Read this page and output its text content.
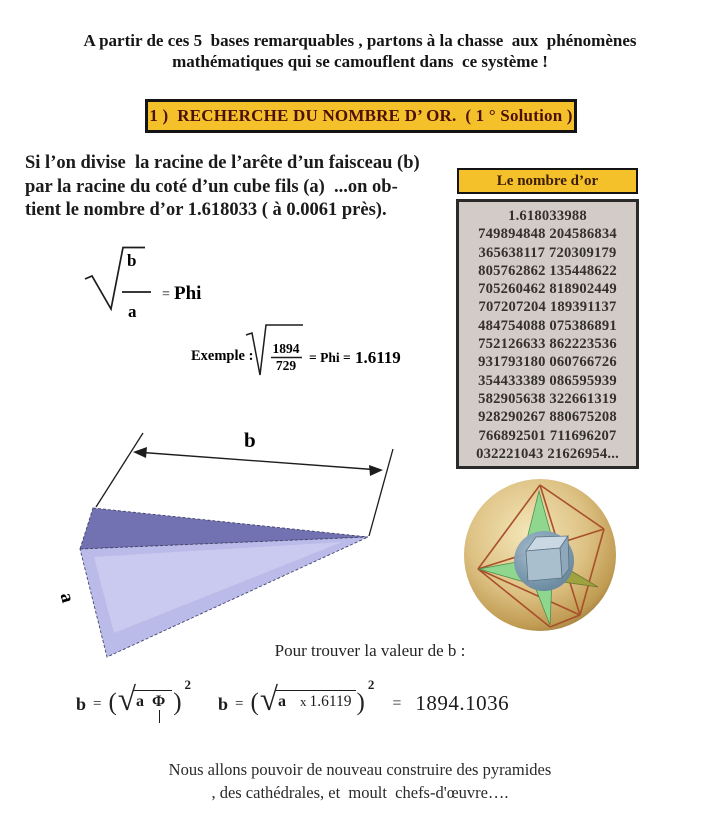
A partir de ces 5  bases remarquables , partons à la chasse  aux  phénomènes
mathématiques qui se camouflent dans  ce système !
1 )  RECHERCHE DU NOMBRE D’ OR.  ( 1 ° Solution )
Si l’on divise  la racine de l’arête d’un faisceau (b)
par la racine du coté d’un cube fils (a)  ...on ob-
tient le nombre d’or 1.618033 ( à 0.0061 près).
Le nombre d’or
1.618033988
749894848 204586834
365638117 720309179
805762862 135448622
705260462 818902449
707207204 189391137
484754088 075386891
752126633 862223536
931793180 060766726
354433389 086595939
582905638 322661319
928290267 880675208
766892501 711696207
032221043 21626954...
b
a
= Phi
Exemple : 1894
729
= Phi = 1.6119
b
a
Pour trouver la valeur de b :
b = ( √ a Φ )
2
b = ( √ a x 1.6119 )
2
= 1894.1036
Nous allons pouvoir de nouveau construire des pyramides
, des cathédrales, et  moult  chefs-d'œuvre….
